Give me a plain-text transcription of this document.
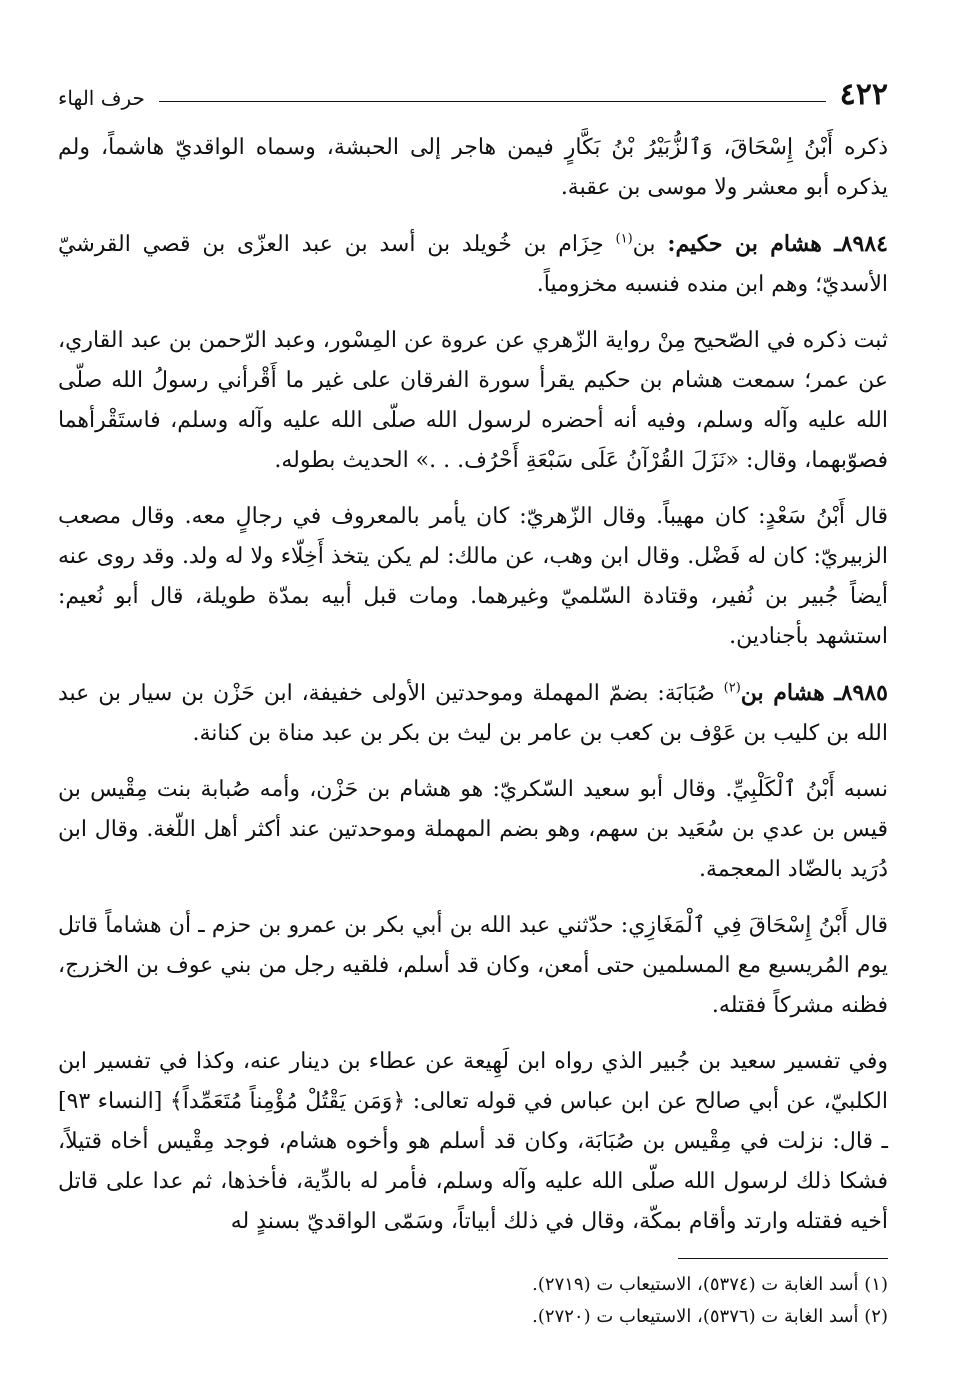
٤٢٢
حرف الهاء

ذكره أَبْنُ إِسْحَاقَ، وَٱلزُّبَيْرُ بْنُ بَكَّارٍ فيمن هاجر إلى الحبشة، وسماه الواقديّ هاشماً، ولم يذكره أبو معشر ولا موسى بن عقبة.

٨٩٨٤ـ هشام بن حكيم: بن$^{(١)}$ حِزَام بن خُويلد بن أسد بن عبد العزّى بن قصي القرشيّ الأسديّ؛ وهم ابن منده فنسبه مخزومياً.

ثبت ذكره في الصّحيح مِنْ رواية الزّهري عن عروة عن المِسْور، وعبد الرّحمن بن عبد القاري، عن عمر؛ سمعت هشام بن حكيم يقرأ سورة الفرقان على غير ما أَقْرأني رسولُ الله صلّى الله عليه وآله وسلم، وفيه أنه أحضره لرسول الله صلّى الله عليه وآله وسلم، فاستَقْرأهما فصوّبهما، وقال: «نَزَلَ القُرْآنُ عَلَى سَبْعَةِ أَحْرُف. . .» الحديث بطوله.

قال أَبْنُ سَعْدٍ: كان مهيباً. وقال الزّهريّ: كان يأمر بالمعروف في رجالٍ معه. وقال مصعب الزبيريّ: كان له فَضْل. وقال ابن وهب، عن مالك: لم يكن يتخذ أَخِلّاء ولا له ولد. وقد روى عنه أيضاً جُبير بن نُفير، وقتادة السّلميّ وغيرهما. ومات قبل أبيه بمدّة طويلة، قال أبو نُعيم: استشهد بأجنادين.

٨٩٨٥ـ هشام بن$^{(٢)}$ صُبَابَة: بضمّ المهملة وموحدتين الأولى خفيفة، ابن حَزْن بن سيار بن عبد الله بن كليب بن عَوْف بن كعب بن عامر بن ليث بن بكر بن عبد مناة بن كنانة.

نسبه أَبْنُ ٱلْكَلْبِيِّ. وقال أبو سعيد السّكريّ: هو هشام بن حَزْن، وأمه صُبابة بنت مِقْيس بن قيس بن عدي بن سُعَيد بن سهم، وهو بضم المهملة وموحدتين عند أكثر أهل اللّغة. وقال ابن دُرَيد بالضّاد المعجمة.

قال أَبْنُ إِسْحَاقَ فِي ٱلْمَغَازِي: حدّثني عبد الله بن أبي بكر بن عمرو بن حزم ـ أن هشاماً قاتل يوم المُريسيع مع المسلمين حتى أمعن، وكان قد أسلم، فلقيه رجل من بني عوف بن الخزرج، فظنه مشركاً فقتله.

وفي تفسير سعيد بن جُبير الذي رواه ابن لَهِيعة عن عطاء بن دينار عنه، وكذا في تفسير ابن الكلبيّ، عن أبي صالح عن ابن عباس في قوله تعالى: ﴿وَمَن يَقْتُلْ مُؤْمِناً مُتَعَمِّداً﴾ [النساء ٩٣] ـ قال: نزلت في مِقْيس بن صُبَابَة، وكان قد أسلم هو وأخوه هشام، فوجد مِقْيس أخاه قتيلاً، فشكا ذلك لرسول الله صلّى الله عليه وآله وسلم، فأمر له بالدِّية، فأخذها، ثم عدا على قاتل أخيه فقتله وارتد وأقام بمكّة، وقال في ذلك أبياتاً، وسَمّى الواقديّ بسندٍ له

(١) أسد الغابة ت (٥٣٧٤)، الاستيعاب ت (٢٧١٩).

(٢) أسد الغابة ت (٥٣٧٦)، الاستيعاب ت (٢٧٢٠).
